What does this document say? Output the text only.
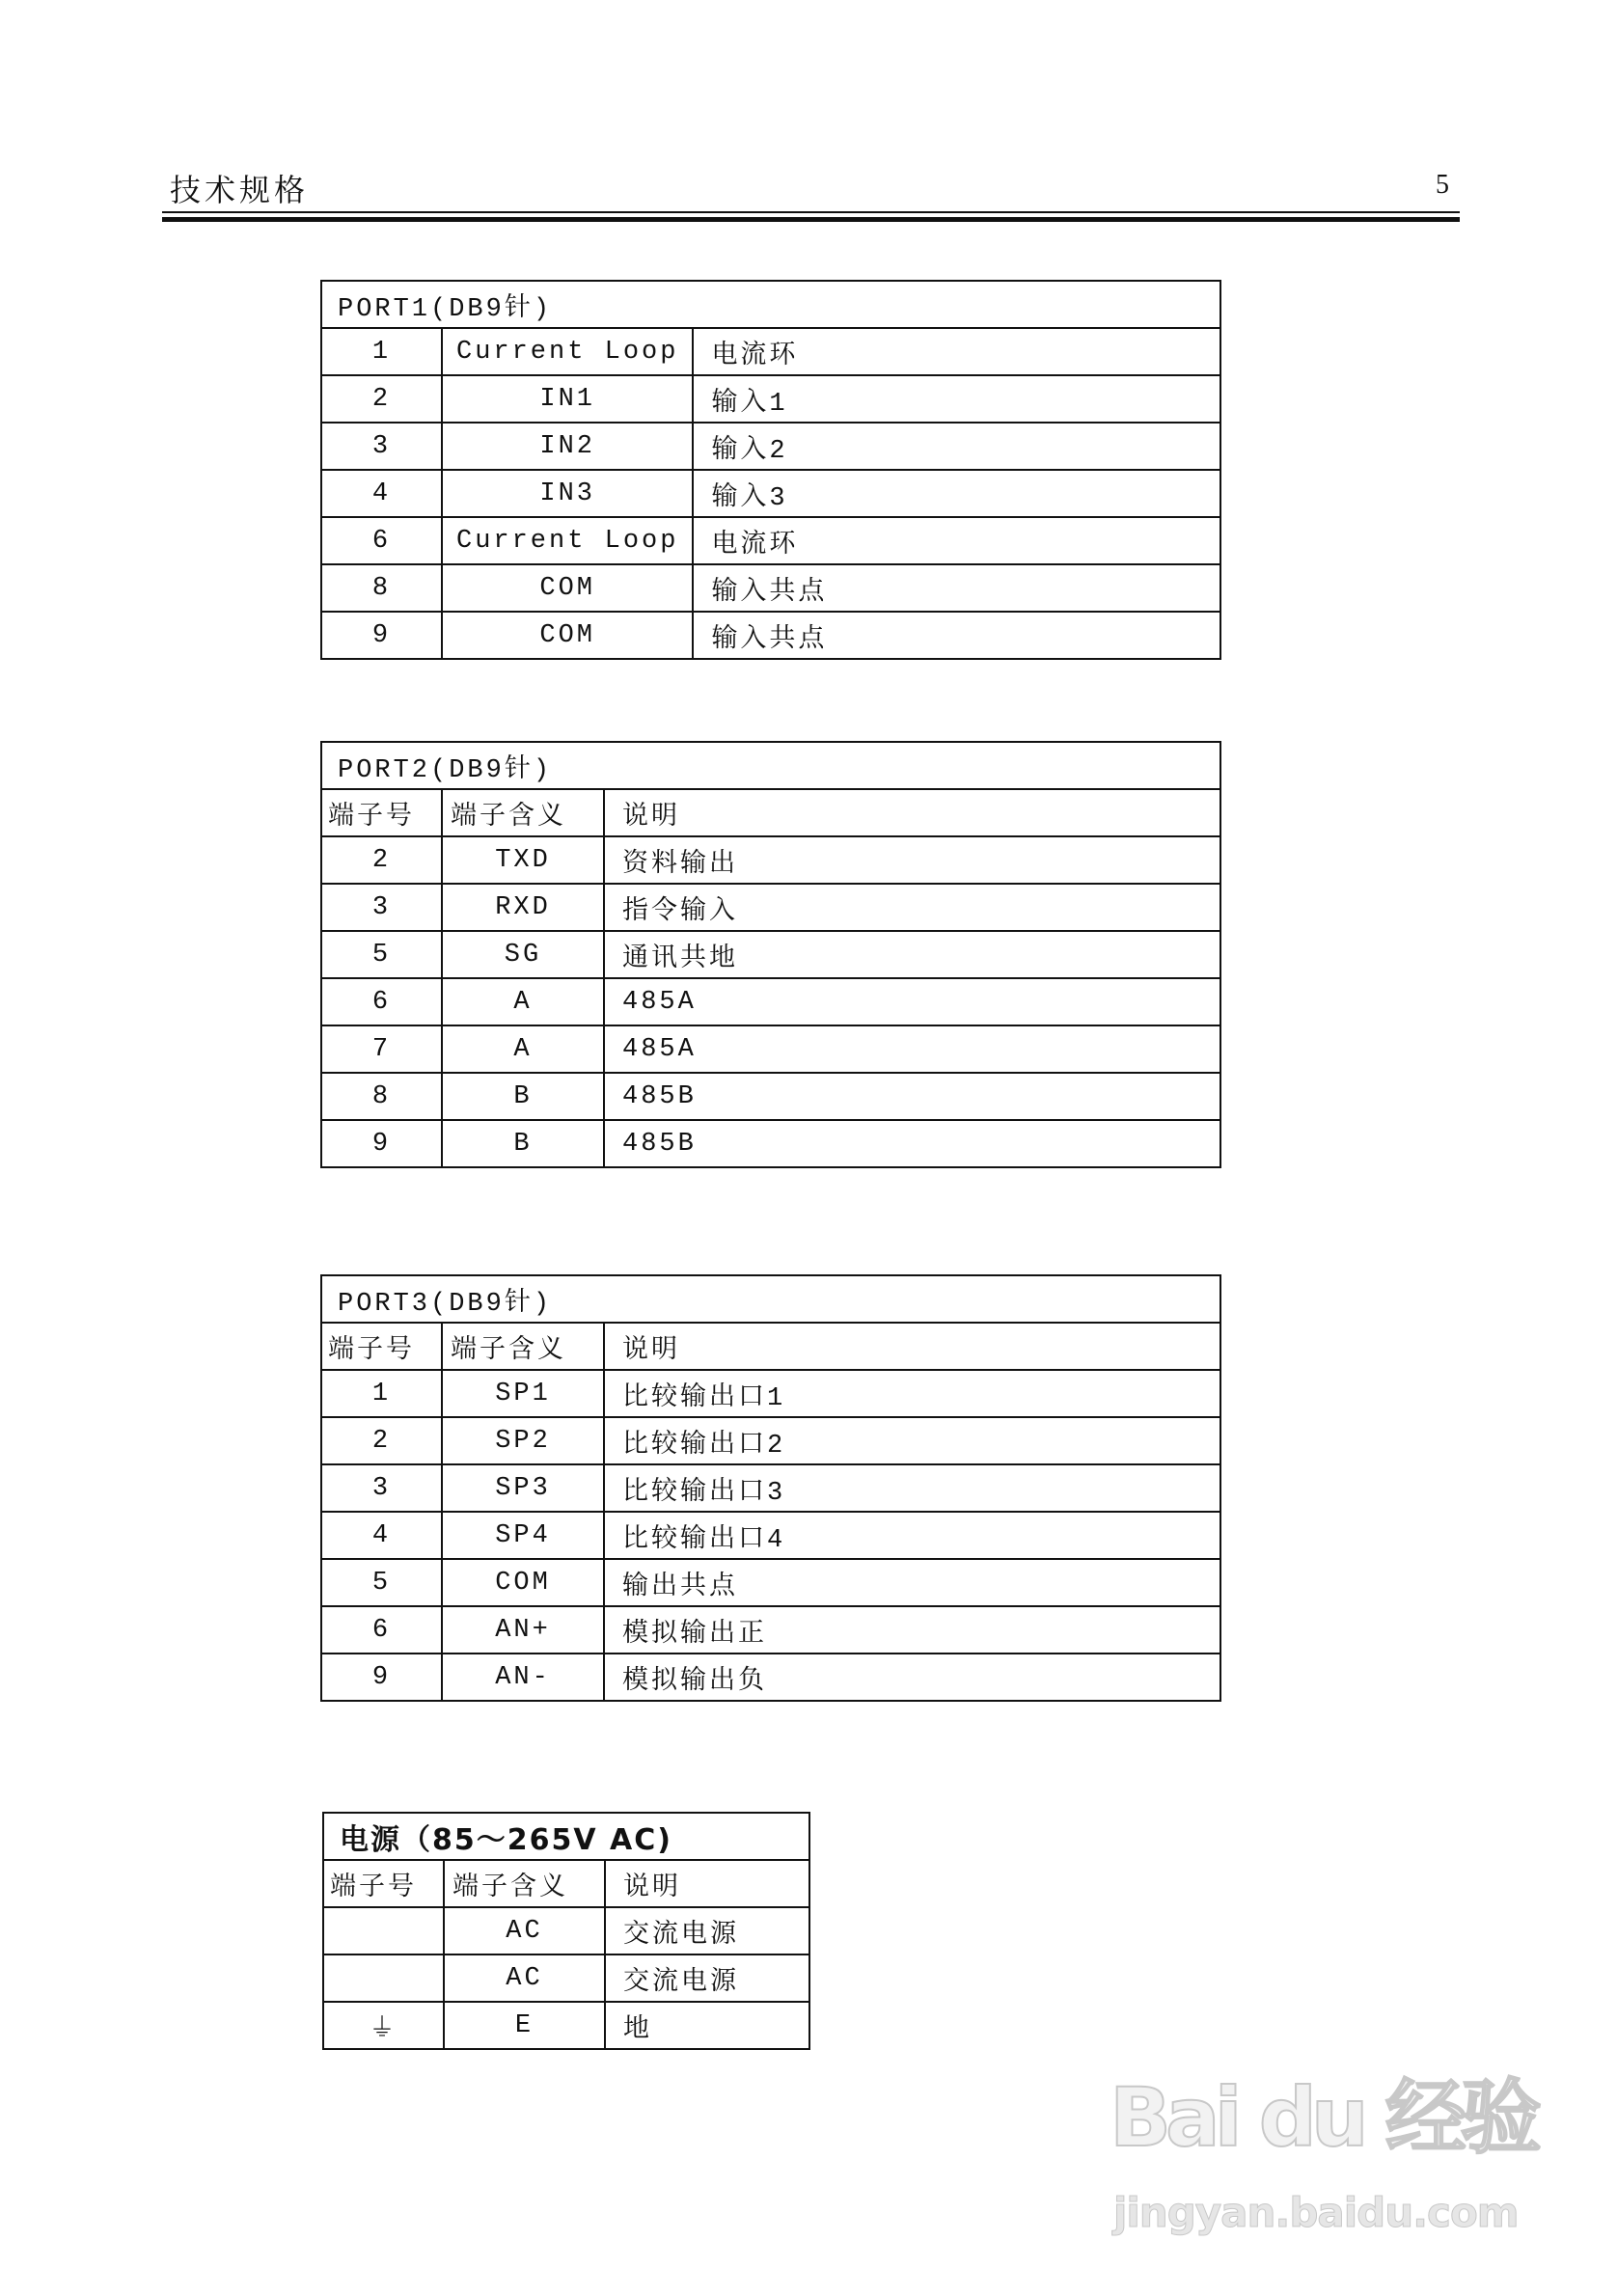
技术规格	5
PORT1(DB9针)		
1	Current Loop	电流环
2	IN1	输入1
3	IN2	输入2
4	IN3	输入3
6	Current Loop	电流环
8	COM	输入共点
9	COM	输入共点
PORT2(DB9针)		
端子号	端子含义	说明
2	TXD	资料输出
3	RXD	指令输入
5	SG	通讯共地
6	A	485A
7	A	485A
8	B	485B
9	B	485B
PORT3(DB9针)		
端子号	端子含义	说明
1	SP1	比较输出口1
2	SP2	比较输出口2
3	SP3	比较输出口3
4	SP4	比较输出口4
5	COM	输出共点
6	AN+	模拟输出正
9	AN-	模拟输出负
电源（85～265V AC)		
端子号	端子含义	说明
	AC	交流电源
	AC	交流电源
⏚	E	地
Bai du 经验
jingyan.baidu.com
